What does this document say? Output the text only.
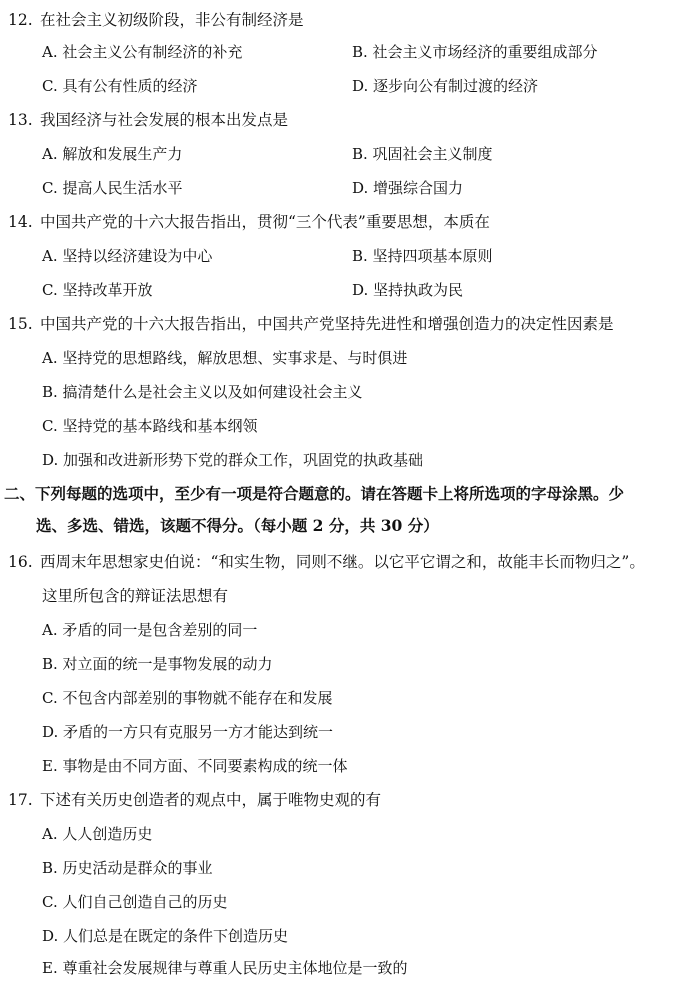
12. 在社会主义初级阶段，非公有制经济是
A. 社会主义公有制经济的补充	B. 社会主义市场经济的重要组成部分
C. 具有公有性质的经济	D. 逐步向公有制过渡的经济
13. 我国经济与社会发展的根本出发点是
A. 解放和发展生产力	B. 巩固社会主义制度
C. 提高人民生活水平	D. 增强综合国力
14. 中国共产党的十六大报告指出，贯彻“三个代表”重要思想，本质在
A. 坚持以经济建设为中心	B. 坚持四项基本原则
C. 坚持改革开放	D. 坚持执政为民
15. 中国共产党的十六大报告指出，中国共产党坚持先进性和增强创造力的决定性因素是
A. 坚持党的思想路线，解放思想、实事求是、与时俱进
B. 搞清楚什么是社会主义以及如何建设社会主义
C. 坚持党的基本路线和基本纲领
D. 加强和改进新形势下党的群众工作，巩固党的执政基础
二、下列每题的选项中，至少有一项是符合题意的。请在答题卡上将所选项的字母涂黑。少
选、多选、错选，该题不得分。（每小题 2 分，共 30 分）
16. 西周末年思想家史伯说：“和实生物，同则不继。以它平它谓之和，故能丰长而物归之”。
这里所包含的辩证法思想有
A. 矛盾的同一是包含差别的同一
B. 对立面的统一是事物发展的动力
C. 不包含内部差别的事物就不能存在和发展
D. 矛盾的一方只有克服另一方才能达到统一
E. 事物是由不同方面、不同要素构成的统一体
17. 下述有关历史创造者的观点中，属于唯物史观的有
A. 人人创造历史
B. 历史活动是群众的事业
C. 人们自己创造自己的历史
D. 人们总是在既定的条件下创造历史
E. 尊重社会发展规律与尊重人民历史主体地位是一致的
